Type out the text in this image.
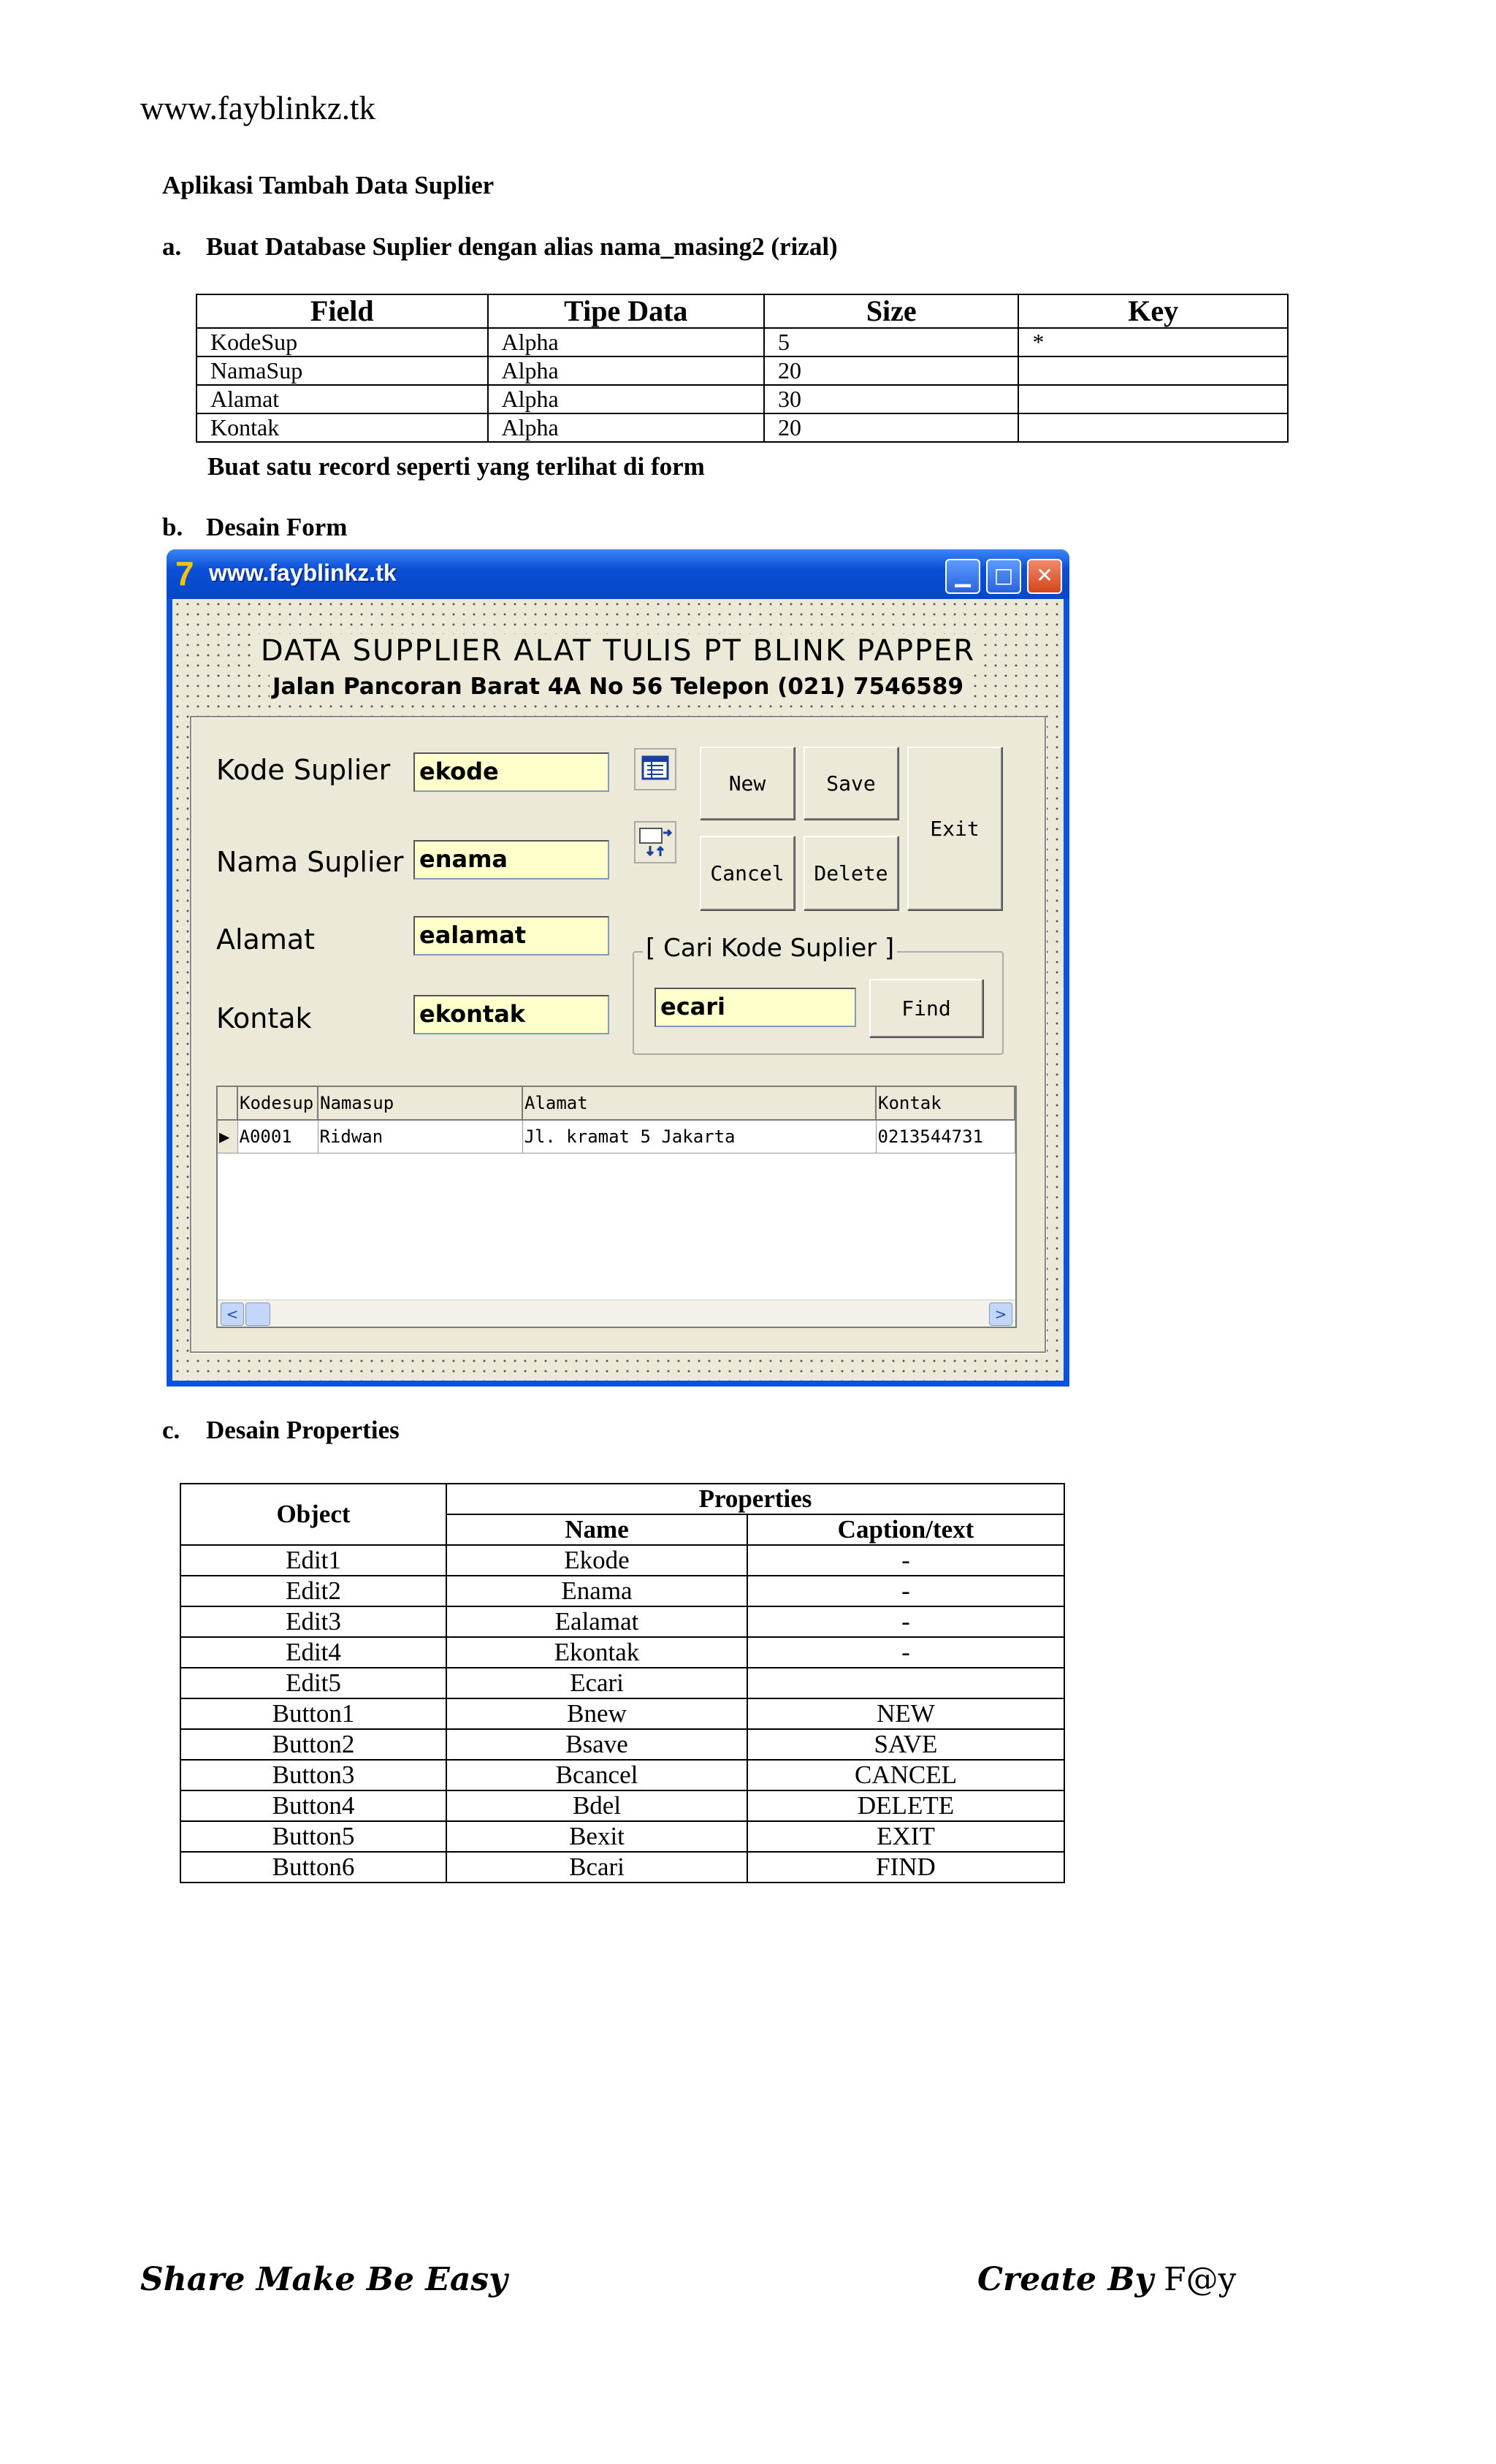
www.fayblinkz.tk
Aplikasi Tambah Data Suplier
a. Buat Database Suplier dengan alias nama_masing2 (rizal)
Field	Tipe Data	Size	Key
KodeSup	Alpha	5	*
NamaSup	Alpha	20	
Alamat	Alpha	30	
Kontak	Alpha	20	
Buat satu record seperti yang terlihat di form
b. Desain Form
7 www.fayblinkz.tk	▁	□	✕
DATA SUPPLIER ALAT TULIS PT BLINK PAPPER
Jalan Pancoran Barat 4A No 56 Telepon (021) 7546589
Kode Suplier
Nama Suplier
Alamat
Kontak
ekode
enama
ealamat
ekontak
New	Save
Exit
Cancel	Delete
[ Cari Kode Suplier ]
ecari	Find
	Kodesup	Namasup	Alamat	Kontak
▶	A0001	Ridwan	Jl. kramat 5 Jakarta	0213544731
<	>
c. Desain Properties
Object	Properties	
	Name	Caption/text
Edit1	Ekode	-
Edit2	Enama	-
Edit3	Ealamat	-
Edit4	Ekontak	-
Edit5	Ecari	
Button1	Bnew	NEW
Button2	Bsave	SAVE
Button3	Bcancel	CANCEL
Button4	Bdel	DELETE
Button5	Bexit	EXIT
Button6	Bcari	FIND
Share Make Be Easy	Create By F@y
